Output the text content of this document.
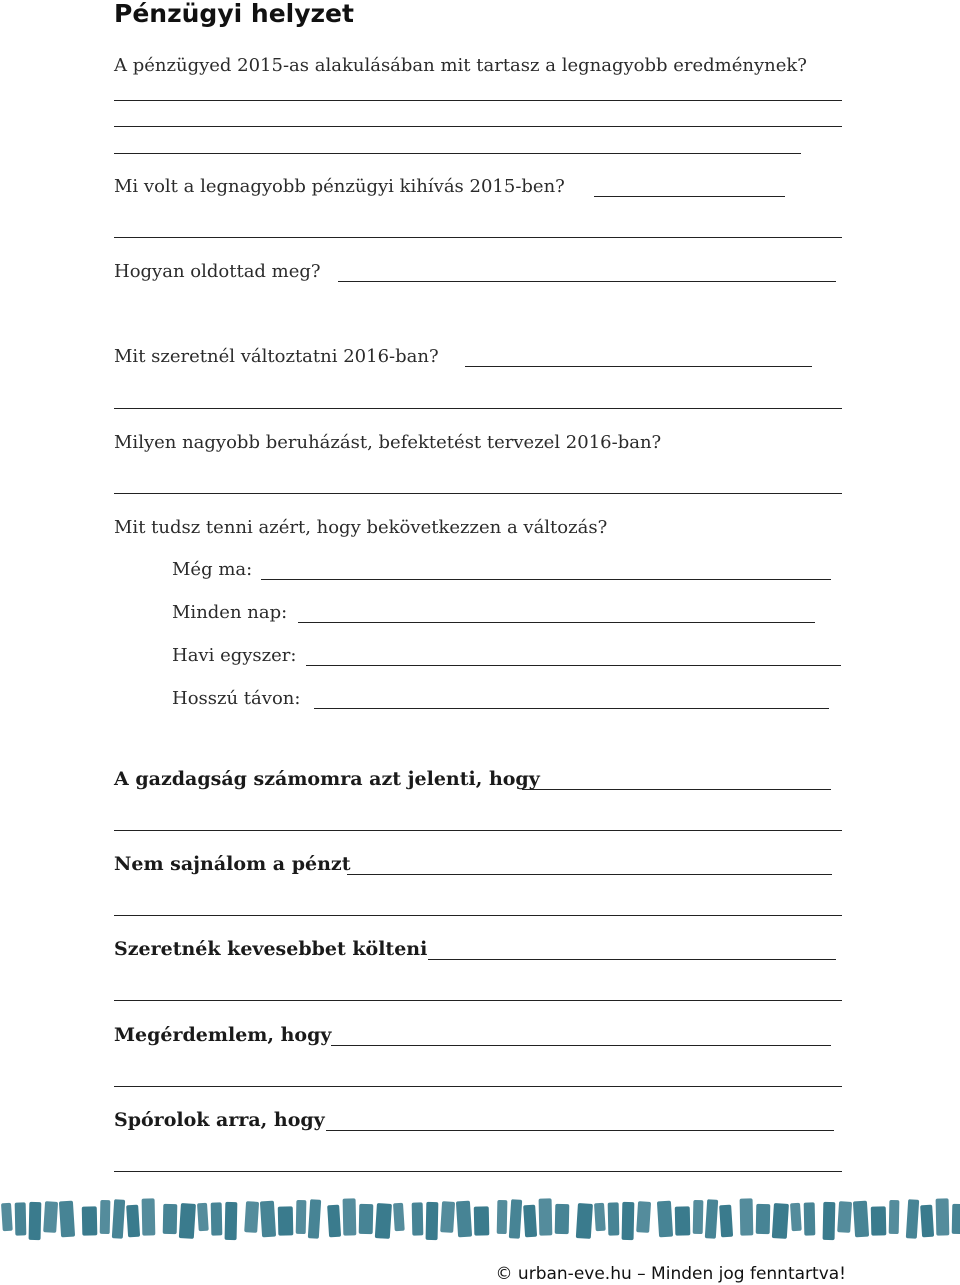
Pénzügyi helyzet
A pénzügyed 2015-as alakulásában mit tartasz a legnagyobb eredménynek?
Mi volt a legnagyobb pénzügyi kihívás 2015-ben?
Hogyan oldottad meg?
Mit szeretnél változtatni 2016-ban?
Milyen nagyobb beruházást, befektetést tervezel 2016-ban?
Mit tudsz tenni azért, hogy bekövetkezzen a változás?
Még ma:
Minden nap:
Havi egyszer:
Hosszú távon:
A gazdagság számomra azt jelenti, hogy
Nem sajnálom a pénzt
Szeretnék kevesebbet költeni
Megérdemlem, hogy
Spórolok arra, hogy
© urban-eve.hu – Minden jog fenntartva!
